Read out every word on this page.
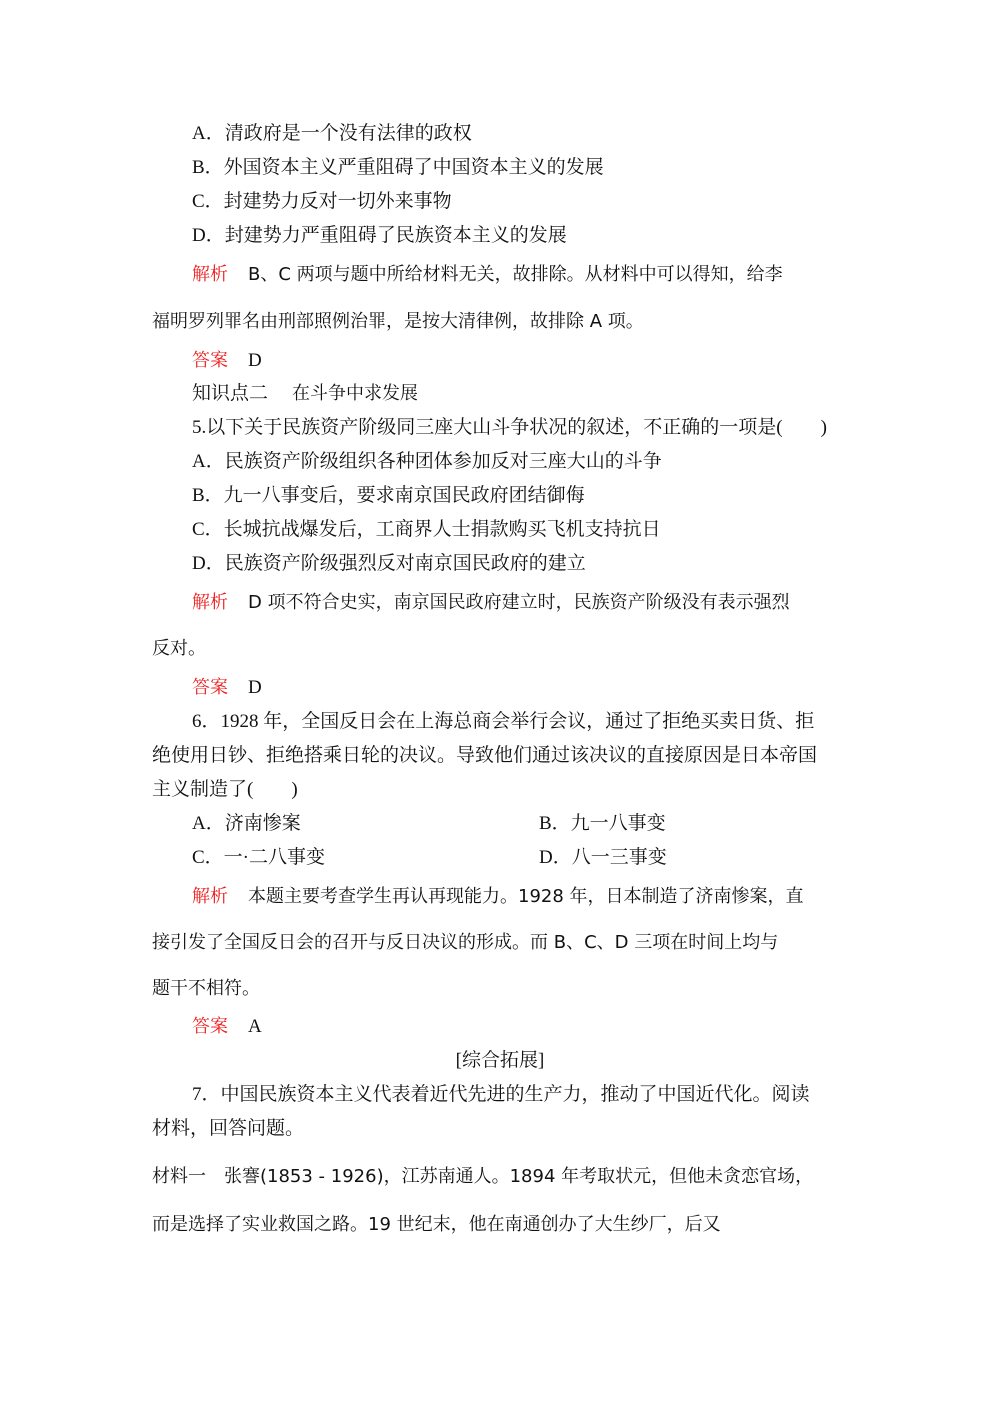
A．清政府是一个没有法律的政权
B．外国资本主义严重阻碍了中国资本主义的发展
C．封建势力反对一切外来事物
D．封建势力严重阻碍了民族资本主义的发展
解析 B、C 两项与题中所给材料无关，故排除。从材料中可以得知，给李
福明罗列罪名由刑部照例治罪，是按大清律例，故排除 A 项。
答案 D
知识点二 在斗争中求发展
5.以下关于民族资产阶级同三座大山斗争状况的叙述，不正确的一项是(　　)
A．民族资产阶级组织各种团体参加反对三座大山的斗争
B．九一八事变后，要求南京国民政府团结御侮
C．长城抗战爆发后，工商界人士捐款购买飞机支持抗日
D．民族资产阶级强烈反对南京国民政府的建立
解析 D 项不符合史实，南京国民政府建立时，民族资产阶级没有表示强烈
反对。
答案 D
6．1928 年，全国反日会在上海总商会举行会议，通过了拒绝买卖日货、拒
绝使用日钞、拒绝搭乘日轮的决议。导致他们通过该决议的直接原因是日本帝国
主义制造了(　　)
A．济南惨案	B．九一八事变
C．一·二八事变	D．八一三事变
解析 本题主要考查学生再认再现能力。1928 年，日本制造了济南惨案，直
接引发了全国反日会的召开与反日决议的形成。而 B、C、D 三项在时间上均与
题干不相符。
答案 A
[综合拓展]
7．中国民族资本主义代表着近代先进的生产力，推动了中国近代化。阅读
材料，回答问题。
材料一 张謇(1853 - 1926)，江苏南通人。1894 年考取状元，但他未贪恋官场，
而是选择了实业救国之路。19 世纪末，他在南通创办了大生纱厂，后又
